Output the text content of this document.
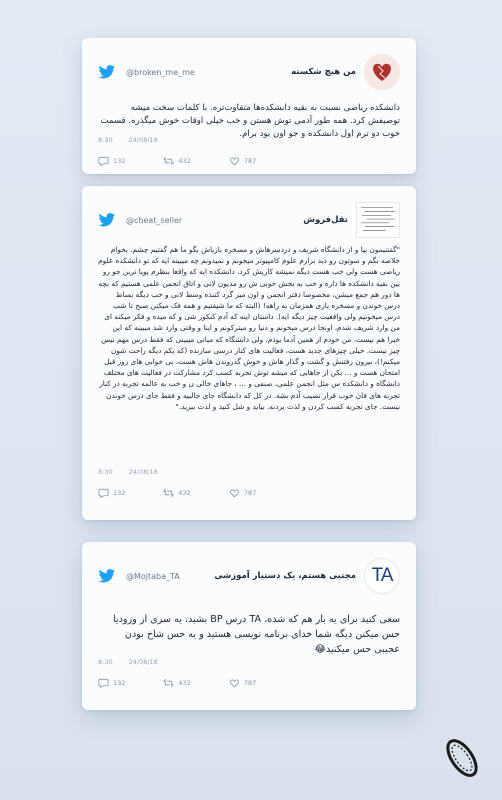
@broken_me_me	من هیچ شکسته
دانشکده ریاضی نسبت به بقیه دانشکده‌ها متفاوت‌تره. با کلمات سخت میشه توصیفش کرد. همه طور آدمی توش هستن و خب خیلی اوقات خوش میگذره. قسمت خوب دو ترم اول دانشکده و جو اون بود برام.
8:30 24/08/18
132	432	787
@cheat_seller	تقل‌فروش
"گفتنیمون بیا و از دانشگاه شریف و دردسرهاش و مسخره بازیاش بگو ما هم گفتیم چشم. بخوام خلاصه بگم و سوتون رو دید بزارم علوم کامپیوتر میخونم و نمیدونم چه میبینه ایه که تو دانشکده علوم ریاضی هست ولی خب هست دیگه نمیشه کاریش کرد. دانشکده ایه که واقعا بنظرم پویا ترین جو رو بین بقیه دانشکده ها داره و خب به بخش خوبی ش رو مدیون لانی و اتاق انجمن علمی هستیم که بچه ها دور هم جمع میشن، مخصوصا دفتر انجمن و اون میز گرد کننده وسط لانی و خب دیگه بساط درس خوندن و مسخره بازی همزمان به راهه! (البته که ما شیفتیم و همه فک میکنن صبح تا شب درس میخونیم ولی واقعیت چیز دیگه ایه). داستان اینه که آدم کنکور شی و که میده و فکر میکنه ای من وارد شریف شدم، اونجا درس میخونم و دنیا رو میترکونم و اینا و وقتی وارد شد میبینه که این خبرا هم نیست، من خودم از همین آدما بودم، ولی دانشگاه که مبانی میبینی که فقط درس مهم نیس چیز نیست. خیلی چیزهای جدید هست، فعالیت های کنار درسی سازنده (که بکم دیگه راحت شون میکنم!)، بیرون رفتنش و گشت و گذار هاش و خوش گذروندن هاش هست، بی خوابی های روز قبل امتحان هست و ... بکن از جاهایی که میشه توش تجربه کسب کرد مشارکت در فعالیت های مختلف دانشگاه و دانشکده س مثل انجمن علمی، صنفی و ... ، جاهای خالی ن و خب به عالمه تجربه در کنار تجربه های فان خوب قرار نصیب آدم بشه. در کل که دانشگاه جای جالبیه و فقط جای درس خوندن نیست. جای تجربه کسب کردن و لذت بردنه. بیاید و شل کنید و لذت ببرید."
8:30 24/08/18
132	432	787
@Mojtaba_TA	مجتبی هستم، یک دستیار آموزشی TA
سعی کنید برای یه بار هم که شده، TA درس BP بشید، یه سری از ورودیا حس میکنن دیگه شما خدای برنامه نویسی هستید و یه حس شاخ بودن عجیبی حس میکنید😂
8:30 24/08/18
132	432	787
